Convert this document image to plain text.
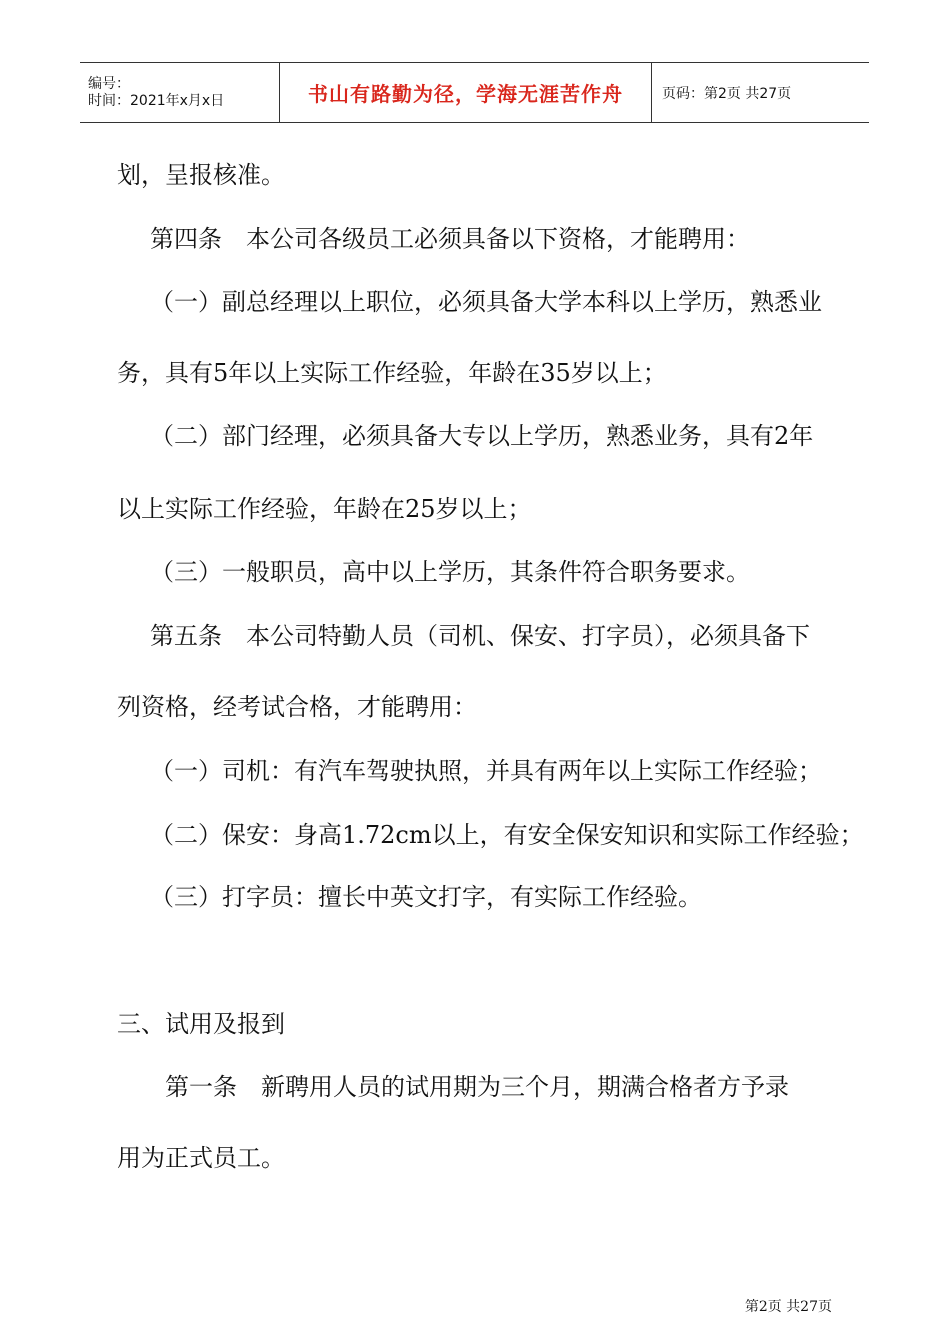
编号：
时间：2021年x月x日	书山有路勤为径，学海无涯苦作舟	页码：第2页 共27页
划，呈报核准。
第四条　本公司各级员工必须具备以下资格，才能聘用：
（一）副总经理以上职位，必须具备大学本科以上学历，熟悉业
务，具有5年以上实际工作经验，年龄在35岁以上；
（二）部门经理，必须具备大专以上学历，熟悉业务，具有2年
以上实际工作经验，年龄在25岁以上；
（三）一般职员，高中以上学历，其条件符合职务要求。
第五条　本公司特勤人员（司机、保安、打字员），必须具备下
列资格，经考试合格，才能聘用：
（一）司机：有汽车驾驶执照，并具有两年以上实际工作经验；
（二）保安：身高1.72cm以上，有安全保安知识和实际工作经验；
（三）打字员：擅长中英文打字，有实际工作经验。
三、试用及报到
第一条　新聘用人员的试用期为三个月，期满合格者方予录
用为正式员工。
第2页 共27页
